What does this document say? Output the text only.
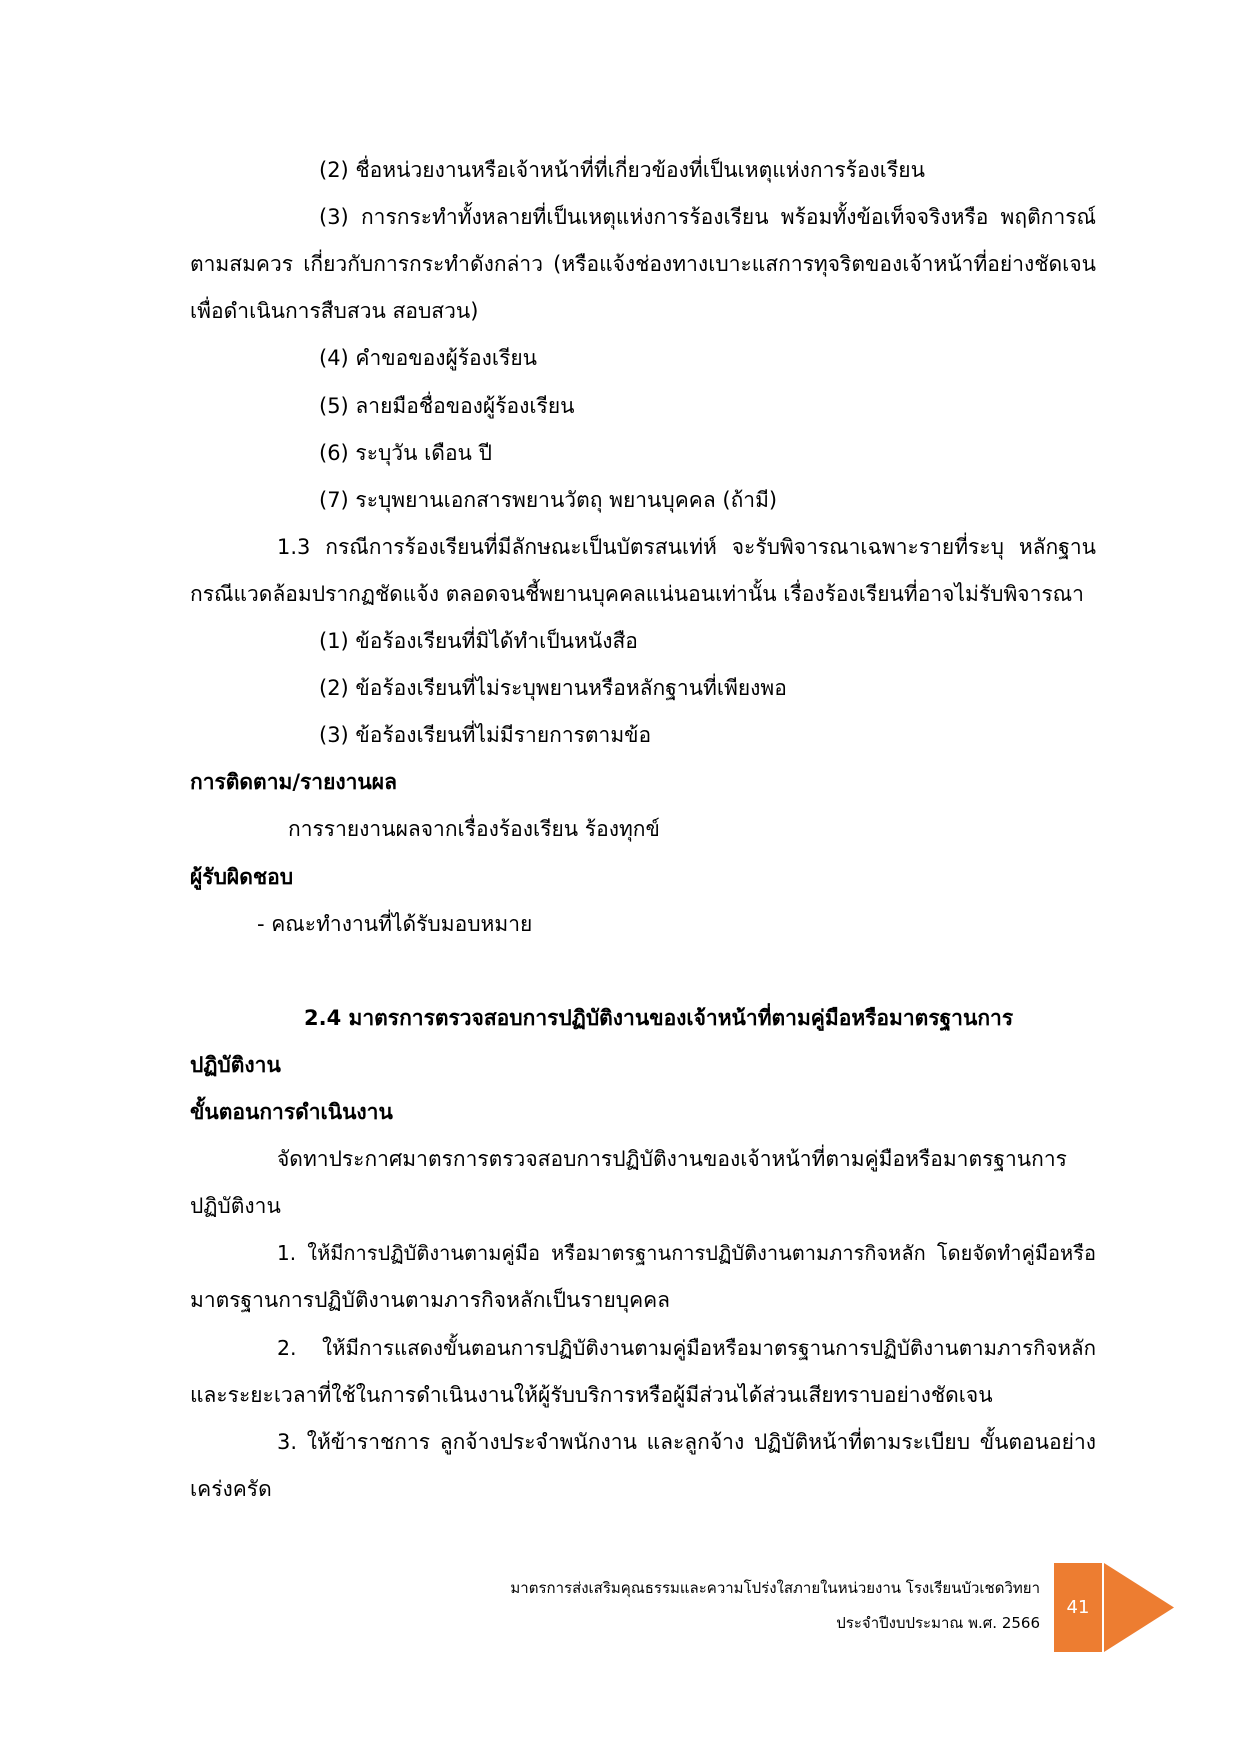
(2) ชื่อหน่วยงานหรือเจ้าหน้าที่ที่เกี่ยวข้องที่เป็นเหตุแห่งการร้องเรียน
(3) การกระทำทั้งหลายที่เป็นเหตุแห่งการร้องเรียน พร้อมทั้งข้อเท็จจริงหรือ พฤติการณ์
ตามสมควร เกี่ยวกับการกระทำดังกล่าว (หรือแจ้งช่องทางเบาะแสการทุจริตของเจ้าหน้าที่อย่างชัดเจน
เพื่อดำเนินการสืบสวน สอบสวน)
(4) คำขอของผู้ร้องเรียน
(5) ลายมือชื่อของผู้ร้องเรียน
(6) ระบุวัน เดือน ปี
(7) ระบุพยานเอกสารพยานวัตถุ พยานบุคคล (ถ้ามี)
1.3 กรณีการร้องเรียนที่มีลักษณะเป็นบัตรสนเท่ห์ จะรับพิจารณาเฉพาะรายที่ระบุ หลักฐาน
กรณีแวดล้อมปรากฏชัดแจ้ง ตลอดจนชี้พยานบุคคลแน่นอนเท่านั้น เรื่องร้องเรียนที่อาจไม่รับพิจารณา
(1) ข้อร้องเรียนที่มิได้ทำเป็นหนังสือ
(2) ข้อร้องเรียนที่ไม่ระบุพยานหรือหลักฐานที่เพียงพอ
(3) ข้อร้องเรียนที่ไม่มีรายการตามข้อ
การติดตาม/รายงานผล
การรายงานผลจากเรื่องร้องเรียน ร้องทุกข์
ผู้รับผิดชอบ
- คณะทำงานที่ได้รับมอบหมาย
2.4 มาตรการตรวจสอบการปฏิบัติงานของเจ้าหน้าที่ตามคู่มือหรือมาตรฐานการ
ปฏิบัติงาน
ขั้นตอนการดำเนินงาน
จัดทาประกาศมาตรการตรวจสอบการปฏิบัติงานของเจ้าหน้าที่ตามคู่มือหรือมาตรฐานการ
ปฏิบัติงาน
1. ให้มีการปฏิบัติงานตามคู่มือ หรือมาตรฐานการปฏิบัติงานตามภารกิจหลัก โดยจัดทำคู่มือหรือ
มาตรฐานการปฏิบัติงานตามภารกิจหลักเป็นรายบุคคล
2. ให้มีการแสดงขั้นตอนการปฏิบัติงานตามคู่มือหรือมาตรฐานการปฏิบัติงานตามภารกิจหลัก
และระยะเวลาที่ใช้ในการดำเนินงานให้ผู้รับบริการหรือผู้มีส่วนได้ส่วนเสียทราบอย่างชัดเจน
3. ให้ข้าราชการ ลูกจ้างประจำพนักงาน และลูกจ้าง ปฏิบัติหน้าที่ตามระเบียบ ขั้นตอนอย่าง
เคร่งครัด
มาตรการส่งเสริมคุณธรรมและความโปร่งใสภายในหน่วยงาน โรงเรียนบัวเชดวิทยา
ประจำปีงบประมาณ พ.ศ. 2566
41
